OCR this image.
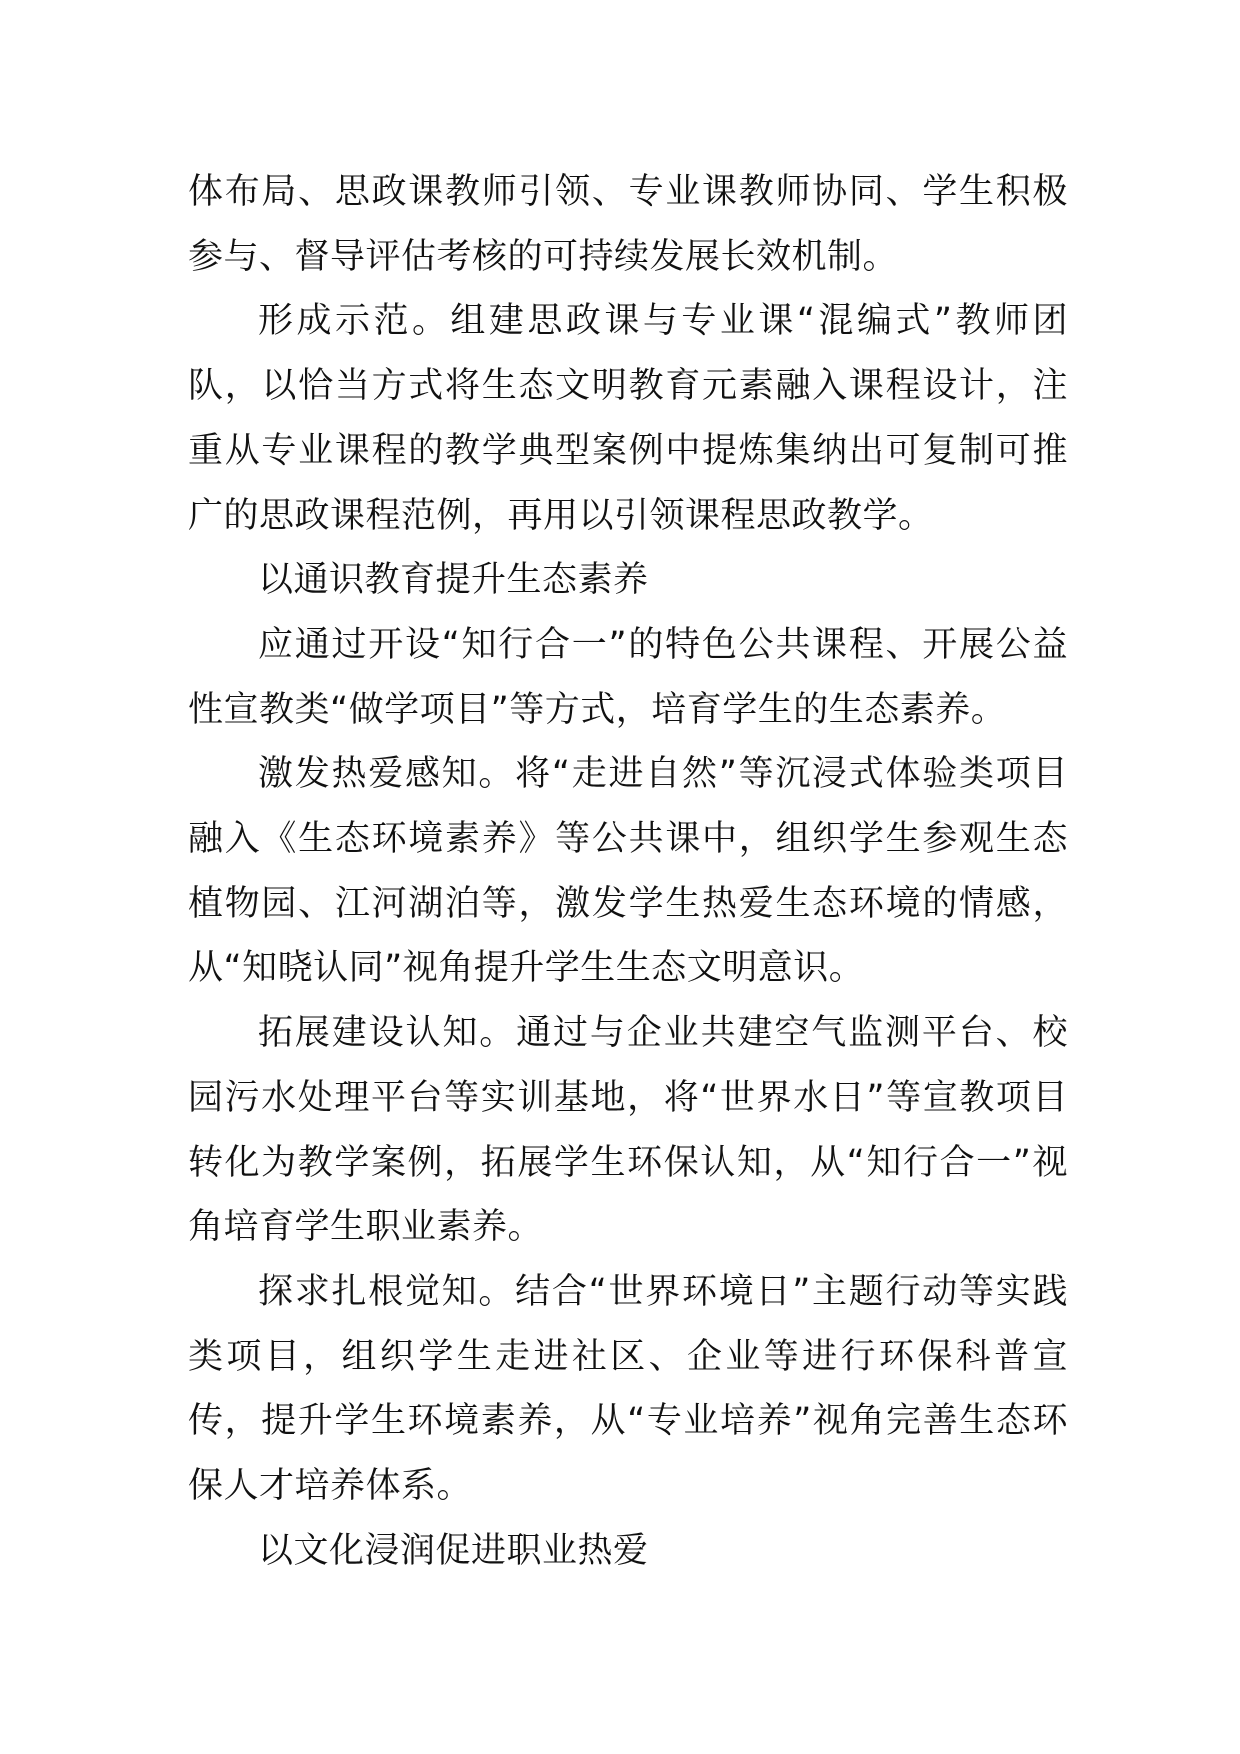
体布局、思政课教师引领、专业课教师协同、学生积极参与、督导评估考核的可持续发展长效机制。

形成示范。组建思政课与专业课“混编式”教师团队，以恰当方式将生态文明教育元素融入课程设计，注重从专业课程的教学典型案例中提炼集纳出可复制可推广的思政课程范例，再用以引领课程思政教学。

以通识教育提升生态素养

应通过开设“知行合一”的特色公共课程、开展公益性宣教类“做学项目”等方式，培育学生的生态素养。

激发热爱感知。将“走进自然”等沉浸式体验类项目融入《生态环境素养》等公共课中，组织学生参观生态植物园、江河湖泊等，激发学生热爱生态环境的情感，从“知晓认同”视角提升学生生态文明意识。

拓展建设认知。通过与企业共建空气监测平台、校园污水处理平台等实训基地，将“世界水日”等宣教项目转化为教学案例，拓展学生环保认知，从“知行合一”视角培育学生职业素养。

探求扎根觉知。结合“世界环境日”主题行动等实践类项目，组织学生走进社区、企业等进行环保科普宣传，提升学生环境素养，从“专业培养”视角完善生态环保人才培养体系。

以文化浸润促进职业热爱
